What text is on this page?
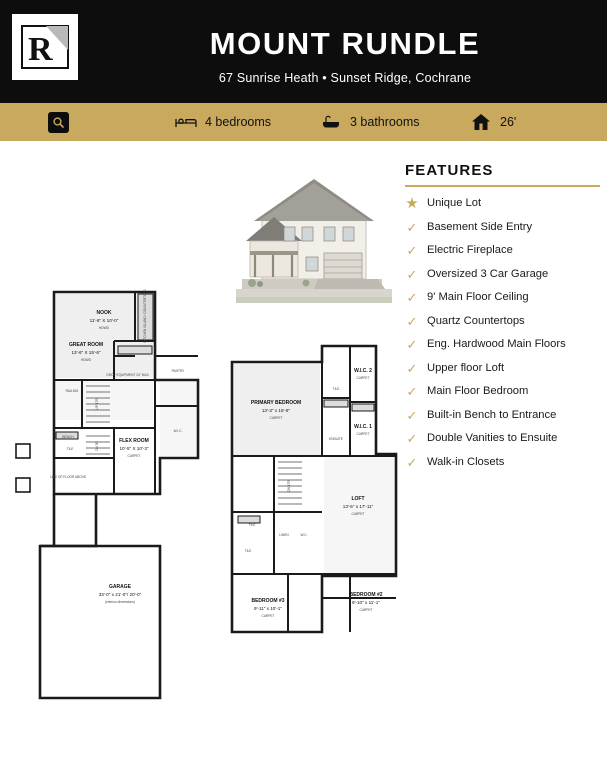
R
REALTOR®
MOUNT RUNDLE
67 Sunrise Heath • Sunset Ridge, Cochrane
4 bedrooms	3 bathrooms	26'
FEATURES
★ Unique Lot
✓ Basement Side Entry
✓ Electric Fireplace
✓ Oversized 3 Car Garage
✓ 9' Main Floor Ceiling
✓ Quartz Countertops
✓ Eng. Hardwood Main Floors
✓ Upper floor Loft
✓ Main Floor Bedroom
✓ Built-in Bench to Entrance
✓ Double Vanities to Ensuite
✓ Walk-in Closets
NOOK
11'-6" X 10'-0"
HDWD
GREAT ROOM
13'-6" X 15'-6"
HDWD
FLEX ROOM
10'-5" X 10'-3"
CARPET
GARAGE
33'-0" x 21'-0"/ 20'-0"
(exterior dimensions)
DROP EQUIPMENT 24" MAX.
RAILING
LINE OF FLOOR ABOVE
BENCH
UP 17R
DN 3R
PANTRY
W.I.C.
KITCHEN ISLAND / COUNTERTOPS
TILE
PRIMARY BEDROOM
13'-3" x 15'-8"
CARPET
W.I.C. 2
CARPET
W.I.C. 1
CARPET
LOFT
13'-5" x 17'-11"
CARPET
BEDROOM #2
9'-10" x 11'-1"
CARPET
BEDROOM #3
9'-11" x 10'-1"
CARPET
TILE
TILE
TILE
DN 17R
LINEN
ENSUITE
W.C.
